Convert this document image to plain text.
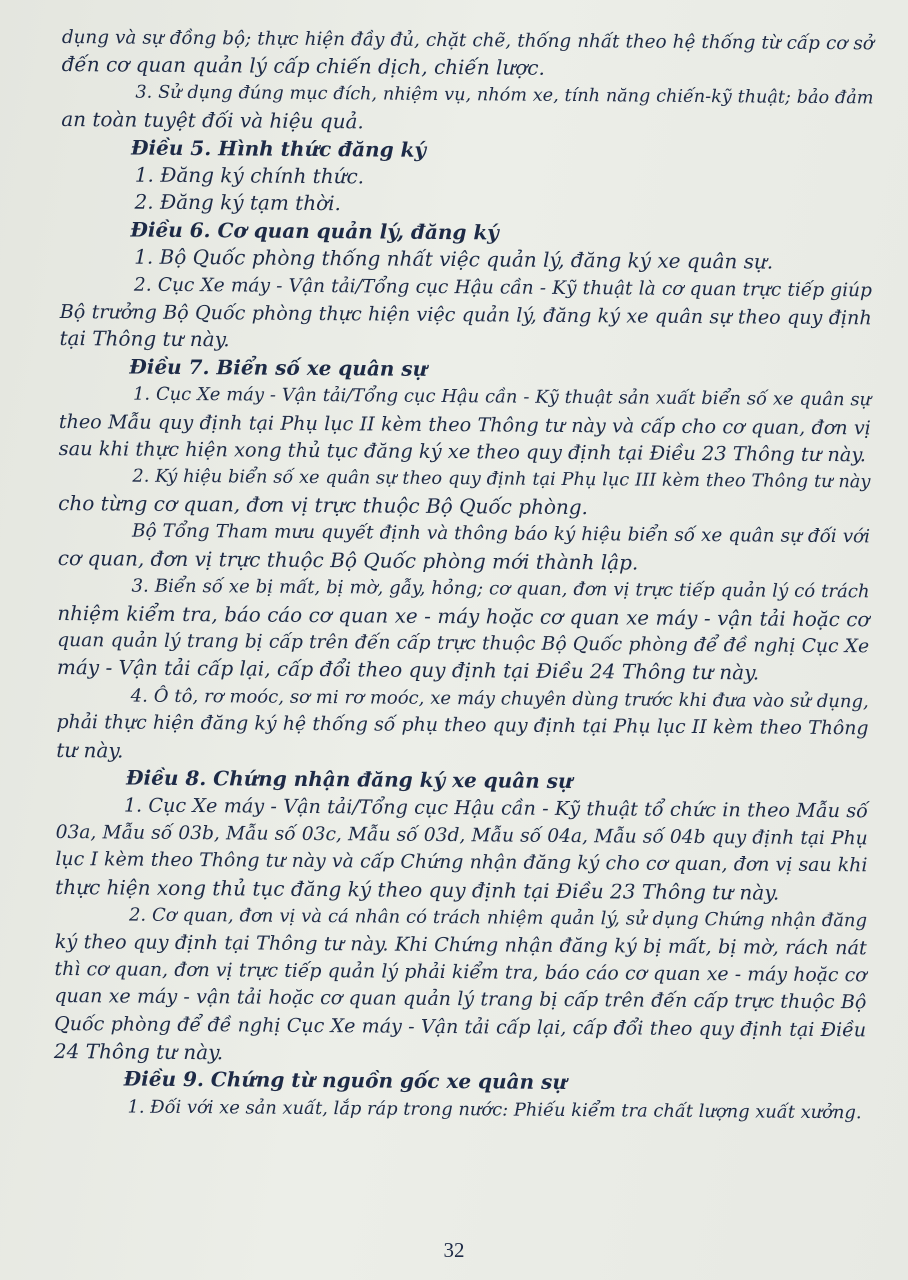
dụng và sự đồng bộ; thực hiện đầy đủ, chặt chẽ, thống nhất theo hệ thống từ cấp cơ sở
đến cơ quan quản lý cấp chiến dịch, chiến lược.
3. Sử dụng đúng mục đích, nhiệm vụ, nhóm xe, tính năng chiến-kỹ thuật; bảo đảm
an toàn tuyệt đối và hiệu quả.
Điều 5. Hình thức đăng ký
1. Đăng ký chính thức.
2. Đăng ký tạm thời.
Điều 6. Cơ quan quản lý, đăng ký
1. Bộ Quốc phòng thống nhất việc quản lý, đăng ký xe quân sự.
2. Cục Xe máy - Vận tải/Tổng cục Hậu cần - Kỹ thuật là cơ quan trực tiếp giúp
Bộ trưởng Bộ Quốc phòng thực hiện việc quản lý, đăng ký xe quân sự theo quy định
tại Thông tư này.
Điều 7. Biển số xe quân sự
1. Cục Xe máy - Vận tải/Tổng cục Hậu cần - Kỹ thuật sản xuất biển số xe quân sự
theo Mẫu quy định tại Phụ lục II kèm theo Thông tư này và cấp cho cơ quan, đơn vị
sau khi thực hiện xong thủ tục đăng ký xe theo quy định tại Điều 23 Thông tư này.
2. Ký hiệu biển số xe quân sự theo quy định tại Phụ lục III kèm theo Thông tư này
cho từng cơ quan, đơn vị trực thuộc Bộ Quốc phòng.
Bộ Tổng Tham mưu quyết định và thông báo ký hiệu biển số xe quân sự đối với
cơ quan, đơn vị trực thuộc Bộ Quốc phòng mới thành lập.
3. Biển số xe bị mất, bị mờ, gẫy, hỏng; cơ quan, đơn vị trực tiếp quản lý có trách
nhiệm kiểm tra, báo cáo cơ quan xe - máy hoặc cơ quan xe máy - vận tải hoặc cơ
quan quản lý trang bị cấp trên đến cấp trực thuộc Bộ Quốc phòng để đề nghị Cục Xe
máy - Vận tải cấp lại, cấp đổi theo quy định tại Điều 24 Thông tư này.
4. Ô tô, rơ moóc, sơ mi rơ moóc, xe máy chuyên dùng trước khi đưa vào sử dụng,
phải thực hiện đăng ký hệ thống số phụ theo quy định tại Phụ lục II kèm theo Thông
tư này.
Điều 8. Chứng nhận đăng ký xe quân sự
1. Cục Xe máy - Vận tải/Tổng cục Hậu cần - Kỹ thuật tổ chức in theo Mẫu số
03a, Mẫu số 03b, Mẫu số 03c, Mẫu số 03d, Mẫu số 04a, Mẫu số 04b quy định tại Phụ
lục I kèm theo Thông tư này và cấp Chứng nhận đăng ký cho cơ quan, đơn vị sau khi
thực hiện xong thủ tục đăng ký theo quy định tại Điều 23 Thông tư này.
2. Cơ quan, đơn vị và cá nhân có trách nhiệm quản lý, sử dụng Chứng nhận đăng
ký theo quy định tại Thông tư này. Khi Chứng nhận đăng ký bị mất, bị mờ, rách nát
thì cơ quan, đơn vị trực tiếp quản lý phải kiểm tra, báo cáo cơ quan xe - máy hoặc cơ
quan xe máy - vận tải hoặc cơ quan quản lý trang bị cấp trên đến cấp trực thuộc Bộ
Quốc phòng để đề nghị Cục Xe máy - Vận tải cấp lại, cấp đổi theo quy định tại Điều
24 Thông tư này.
Điều 9. Chứng từ nguồn gốc xe quân sự
1. Đối với xe sản xuất, lắp ráp trong nước: Phiếu kiểm tra chất lượng xuất xưởng.
32
